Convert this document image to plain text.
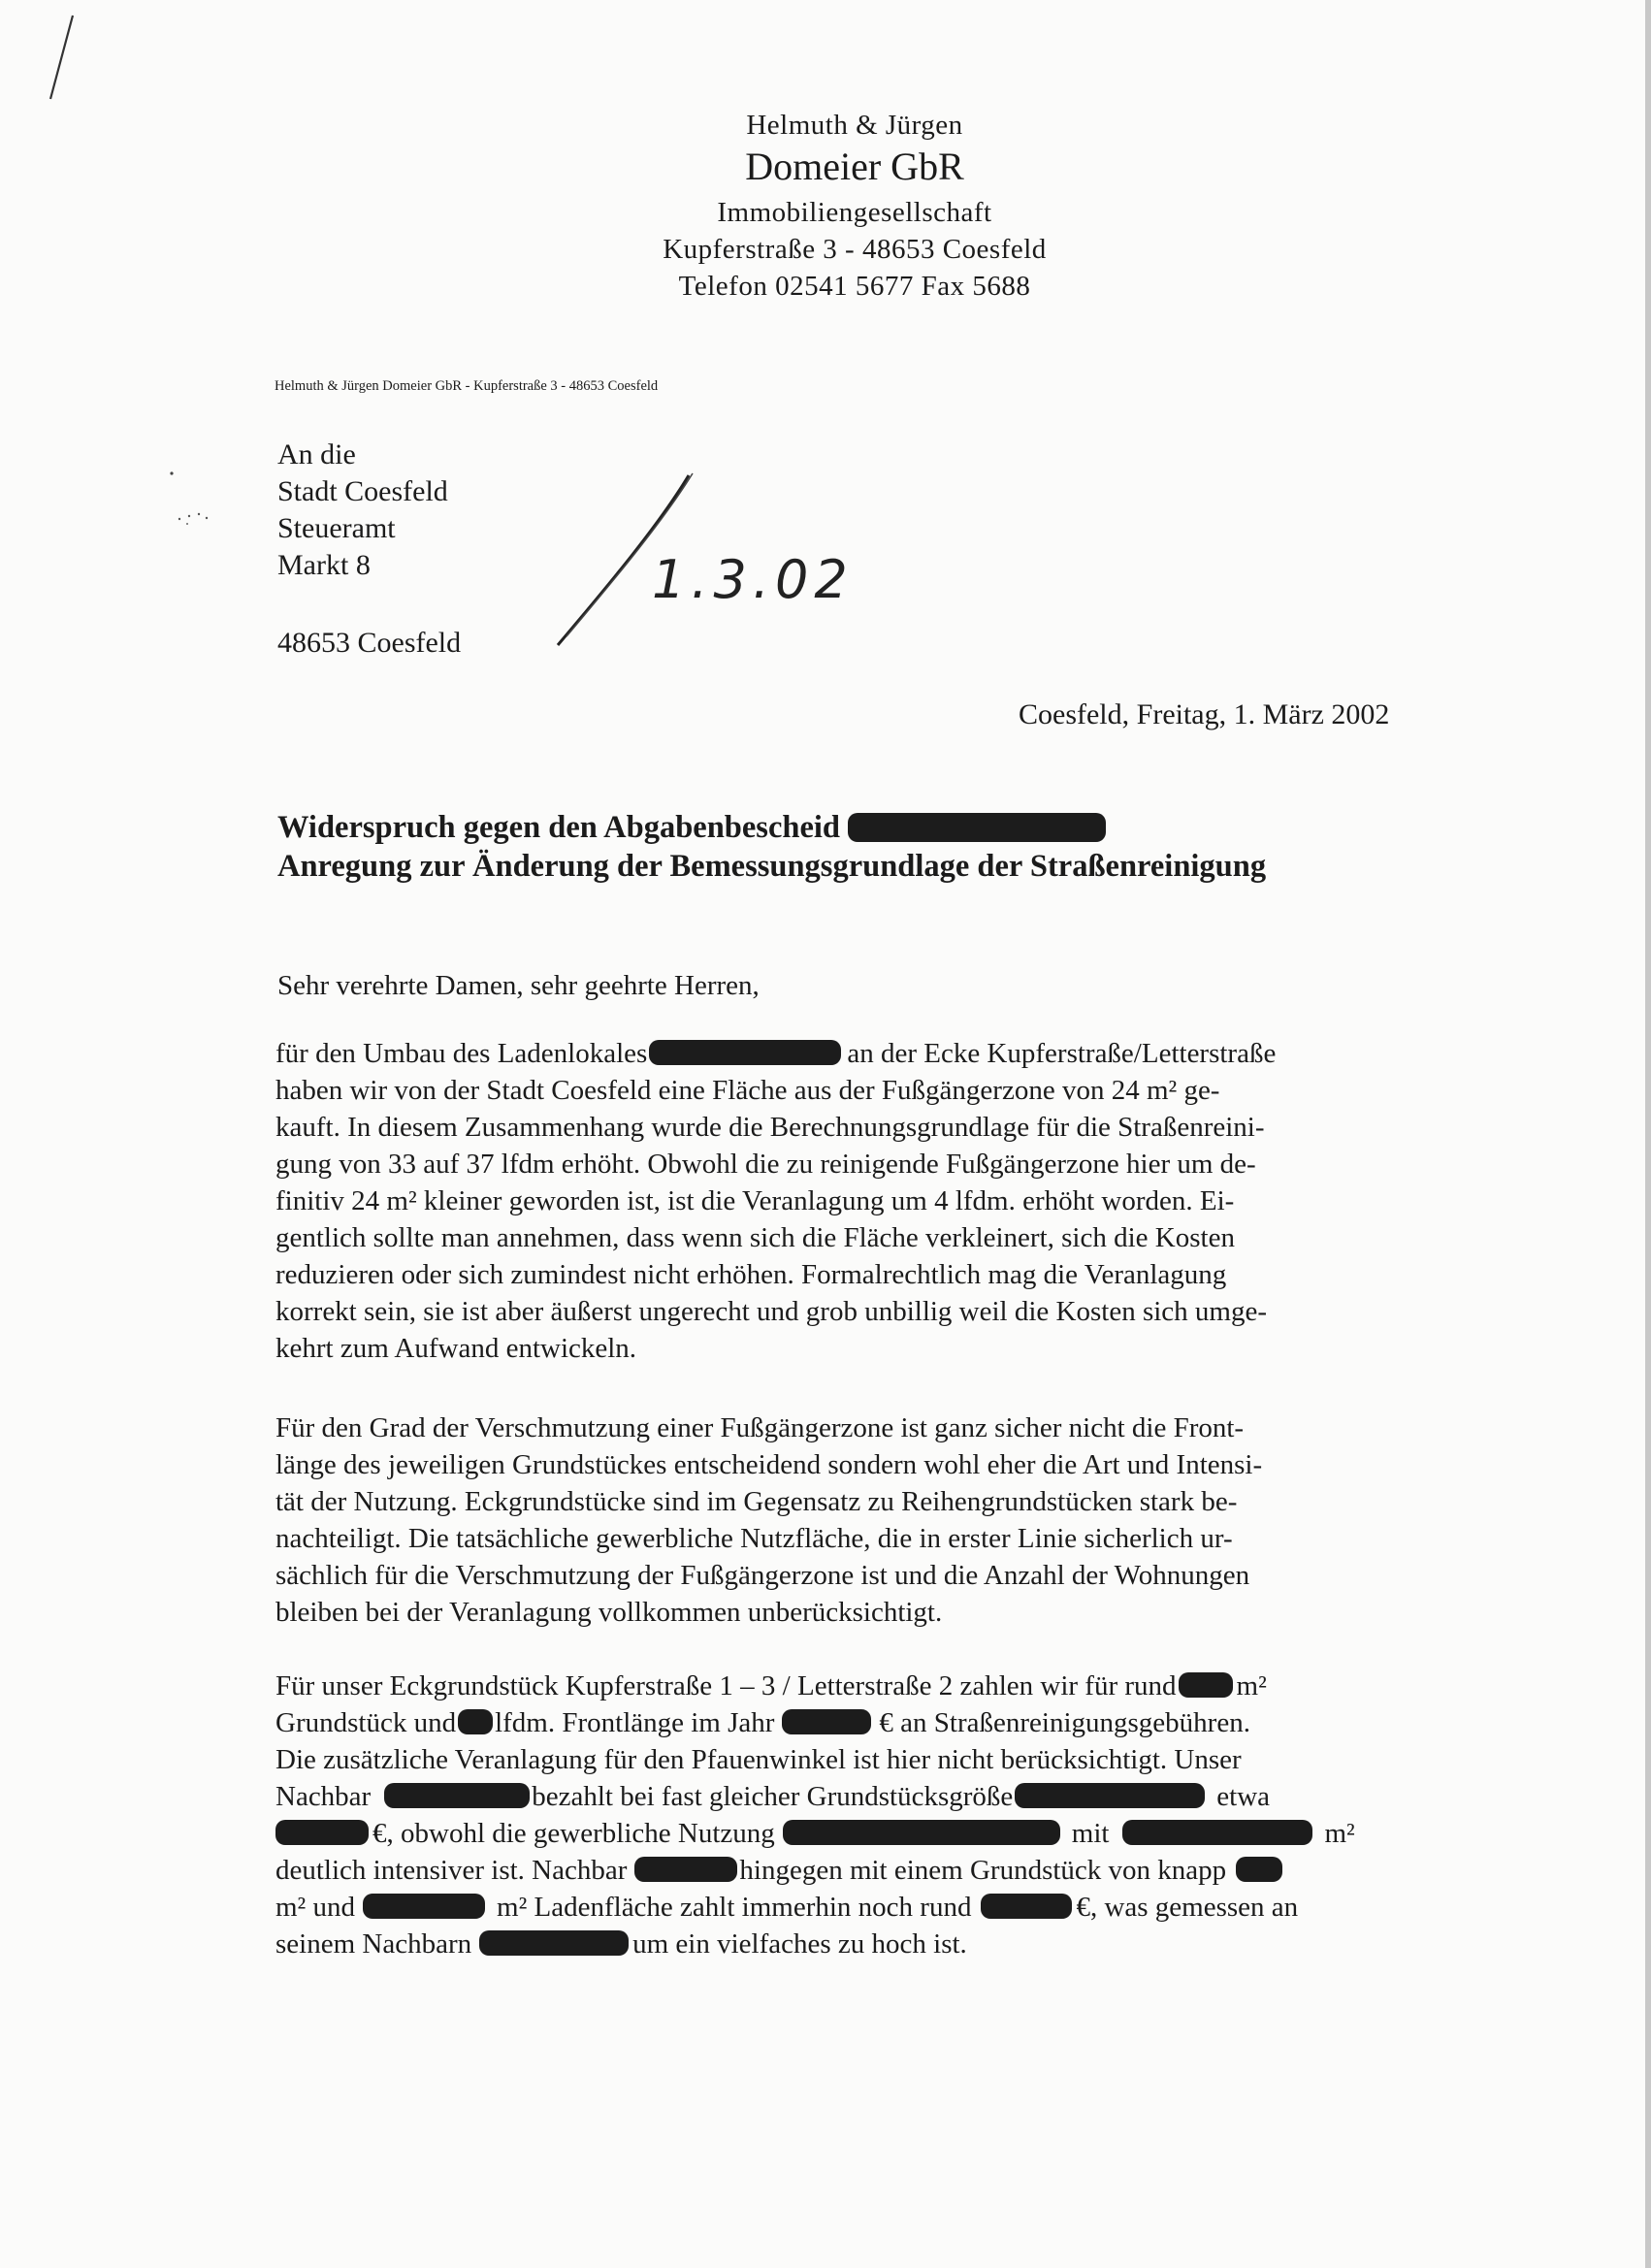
1.3.02
Helmuth & Jürgen
Domeier GbR
Immobiliengesellschaft
Kupferstraße 3 - 48653 Coesfeld
Telefon 02541 5677 Fax 5688
Helmuth & Jürgen Domeier GbR - Kupferstraße 3 - 48653 Coesfeld
An die
Stadt Coesfeld
Steueramt
Markt 8
48653 Coesfeld
Coesfeld, Freitag, 1. März 2002
Widerspruch gegen den Abgabenbescheid
Anregung zur Änderung der Bemessungsgrundlage der Straßenreinigung
Sehr verehrte Damen, sehr geehrte Herren,
für den Umbau des Ladenlokales	an der Ecke Kupferstraße/Letterstraße
haben wir von der Stadt Coesfeld eine Fläche aus der Fußgängerzone von 24 m² ge-
kauft. In diesem Zusammenhang wurde die Berechnungsgrundlage für die Straßenreini-
gung von 33 auf 37 lfdm erhöht. Obwohl die zu reinigende Fußgängerzone hier um de-
finitiv 24 m² kleiner geworden ist, ist die Veranlagung um 4 lfdm. erhöht worden. Ei-
gentlich sollte man annehmen, dass wenn sich die Fläche verkleinert, sich die Kosten
reduzieren oder sich zumindest nicht erhöhen. Formalrechtlich mag die Veranlagung
korrekt sein, sie ist aber äußerst ungerecht und grob unbillig weil die Kosten sich umge-
kehrt zum Aufwand entwickeln.
Für den Grad der Verschmutzung einer Fußgängerzone ist ganz sicher nicht die Front-
länge des jeweiligen Grundstückes entscheidend sondern wohl eher die Art und Intensi-
tät der Nutzung. Eckgrundstücke sind im Gegensatz zu Reihengrundstücken stark be-
nachteiligt. Die tatsächliche gewerbliche Nutzfläche, die in erster Linie sicherlich ur-
sächlich für die Verschmutzung der Fußgängerzone ist und die Anzahl der Wohnungen
bleiben bei der Veranlagung vollkommen unberücksichtigt.
Für unser Eckgrundstück Kupferstraße 1 – 3 / Letterstraße 2 zahlen wir für rund m²
Grundstück und lfdm. Frontlänge im Jahr	€ an Straßenreinigungsgebühren.
Die zusätzliche Veranlagung für den Pfauenwinkel ist hier nicht berücksichtigt. Unser
Nachbar	bezahlt bei fast gleicher Grundstücksgröße	etwa
€, obwohl die gewerbliche Nutzung	mit	m²
deutlich intensiver ist. Nachbar	hingegen mit einem Grundstück von knapp
m² und	m² Ladenfläche zahlt immerhin noch rund	€, was gemessen an
seinem Nachbarn	um ein vielfaches zu hoch ist.
